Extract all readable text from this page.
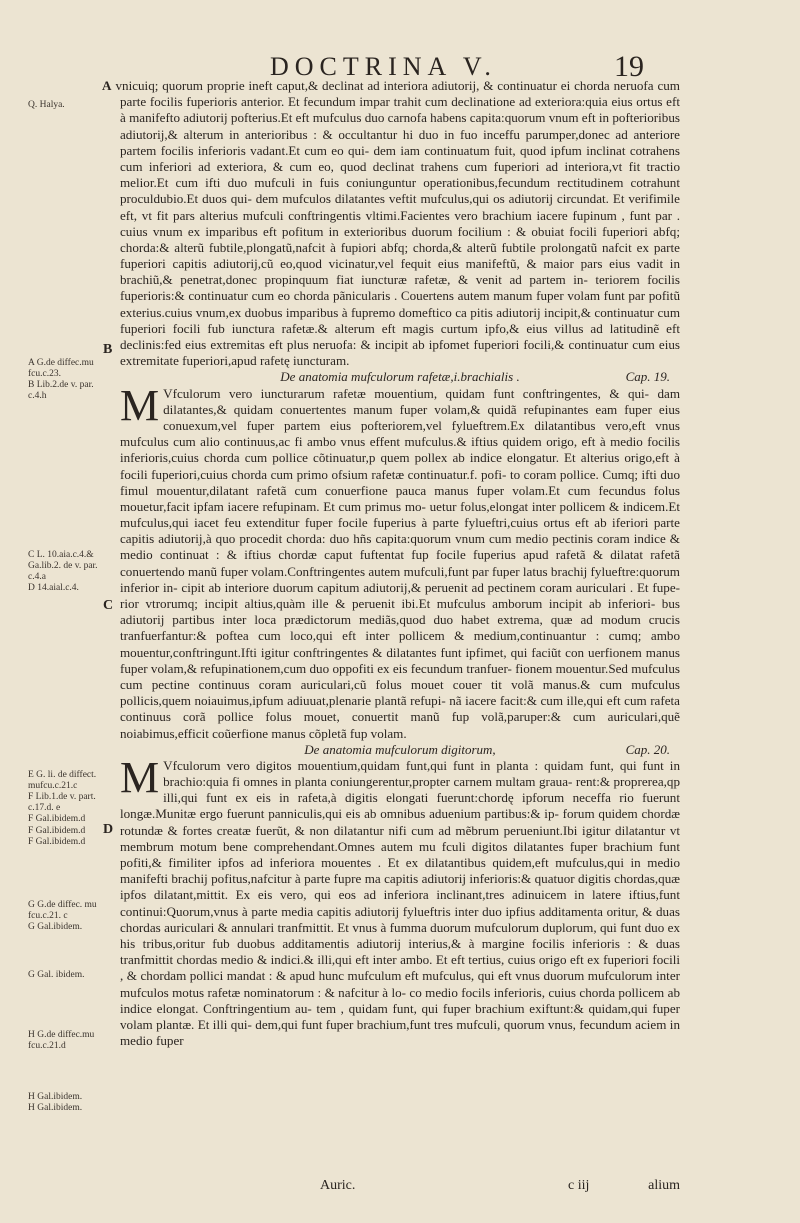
DOCTRINA V.	19
Q. Halya.
A G.de diffec.mu
fcu.c.23.
B Lib.2.de v. par.
c.4.h
C L. 10.aia.c.4.&
Ga.lib.2. de v. par.
c.4.a
D 14.aial.c.4.
E G. li. de diffect.
mufcu.c.21.c
F Lib.1.de v. part.
c.17.d. e
F Gal.ibidem.d
F Gal.ibidem.d
F Gal.ibidem.d
G G.de diffec. mu
fcu.c.21. c
G Gal.ibidem.
G Gal. ibidem.
H G.de diffec.mu
fcu.c.21.d
H Gal.ibidem.
H Gal.ibidem.
B
C
D

A vnicuiq; quorum proprie ineft caput,& declinat ad interiora adiutorij, & continuatur ei chorda neruofa cum parte focilis fuperioris anterior. Et fecundum impar trahit cum declinatione ad exteriora:quia eius ortus eft à manifefto adiutorij pofterius.Et eft mufculus duo carnofa habens capita:quorum vnum eft in pofterioribus adiutorij,& alterum in anterioribus : & occultantur hi duo in fuo inceffu parumper,donec ad anteriore partem focilis inferioris vadant.Et cum eo qui- dem iam continuatum fuit, quod ipfum inclinat cotrahens cum inferiori ad exteriora, & cum eo, quod declinat trahens cum fuperiori ad interiora,vt fit tractio melior.Et cum ifti duo mufculi in fuis coniunguntur operationibus,fecundum rectitudinem cotrahunt proculdubio.Et duos qui- dem mufculos dilatantes veftit mufculus,qui os adiutorij circundat. Et verifimile eft, vt fit pars alterius mufculi conftringentis vltimi.Facientes vero brachium iacere fupinum , funt par . cuius vnum ex imparibus eft pofitum in exterioribus duorum focilium : & obuiat focili fuperiori abfq; chorda:& alterũ fubtile,plongatũ,nafcit à fupiori abfq; chorda,& alterũ fubtile prolongatũ nafcit ex parte fuperiori capitis adiutorij,cũ eo,quod vicinatur,vel fequit eius manifeftũ, & maior pars eius vadit in brachiũ,& penetrat,donec propinquum fiat iuncturæ rafetæ, & venit ad partem in- teriorem focilis fuperioris:& continuatur cum eo chorda pãnicularis . Couertens autem manum fuper volam funt par pofitũ exterius.cuius vnum,ex duobus imparibus à fupremo domeftico ca pitis adiutorij incipit,& continuatur cum fuperiori focili fub iunctura rafetæ.& alterum eft magis curtum ipfo,& eius villus ad latitudinẽ eft declinis:fed eius extremitas eft plus neruofa: & incipit ab ipfomet fuperiori focili,& continuatur cum eius extremitate fuperiori,apud rafetę iuncturam.

De anatomia mufculorum rafetæ,i.brachialis .	Cap. 19.

M Vfculorum vero iuncturarum rafetæ mouentium, quidam funt conftringentes, & qui- dam dilatantes,& quidam conuertentes manum fuper volam,& quidã refupinantes eam fuper eius conuexum,vel fuper partem eius pofteriorem,vel fylueftrem.Ex dilatantibus vero,eft vnus mufculus cum alio continuus,ac fi ambo vnus effent mufculus.& iftius quidem origo, eft à medio focilis inferioris,cuius chorda cum pollice cõtinuatur,p quem pollex ab indice elongatur. Et alterius origo,eft à focili fuperiori,cuius chorda cum primo ofsium rafetæ continuatur.f. pofi- to coram pollice. Cumq; ifti duo fimul mouentur,dilatant rafetã cum conuerfione pauca manus fuper volam.Et cum fecundus folus mouetur,facit ipfam iacere refupinam. Et cum primus mo- uetur folus,elongat inter pollicem & indicem.Et mufculus,qui iacet feu extenditur fuper focile fuperius à parte fylueftri,cuius ortus eft ab iferiori parte capitis adiutorij,à quo procedit chorda: duo hñs capita:quorum vnum cum medio pectinis coram indice & medio continuat : & iftius chordæ caput fuftentat fup focile fuperius apud rafetã & dilatat rafetã conuertendo manũ fuper volam.Conftringentes autem mufculi,funt par fuper latus brachij fylueftre:quorum inferior in- cipit ab interiore duorum capitum adiutorij,& peruenit ad pectinem coram auriculari . Et fupe- rior vtrorumq; incipit altius,quàm ille & peruenit ibi.Et mufculus amborum incipit ab inferiori- bus adiutorij partibus inter loca prædictorum mediãs,quod duo habet extrema, quæ ad modum crucis tranfuerfantur:& poftea cum loco,qui eft inter pollicem & medium,continuantur : cumq; ambo mouentur,conftringunt.Ifti igitur conftringentes & dilatantes funt ipfimet, qui faciũt con uerfionem manus fuper volam,& refupinationem,cum duo oppofiti ex eis fecundum tranfuer- fionem mouentur.Sed mufculus cum pectine continuus coram auriculari,cũ folus mouet couer tit volã manus.& cum mufculus pollicis,quem noiauimus,ipfum adiuuat,plenarie plantã refupi- nã iacere facit:& cum ille,qui eft cum rafeta continuus corã pollice folus mouet, conuertit manũ fup volã,paruper:& cum auriculari,quẽ noiabimus,efficit coũerfione manus cõpletã fup volam.

De anatomia mufculorum digitorum,	Cap. 20.

M Vfculorum vero digitos mouentium,quidam funt,qui funt in planta : quidam funt, qui funt in brachio:quia fi omnes in planta coniungerentur,propter carnem multam graua- rent:& proprerea,qp illi,qui funt ex eis in rafeta,à digitis elongati fuerunt:chordę ipforum neceffa rio fuerunt longæ.Munitæ ergo fuerunt panniculis,qui eis ab omnibus aduenium partibus:& ip- forum quidem chordæ rotundæ & fortes creatæ fuerũt, & non dilatantur nifi cum ad mẽbrum perueniunt.Ibi igitur dilatantur vt membrum motum bene comprehendant.Omnes autem mu fculi digitos dilatantes fuper brachium funt pofiti,& fimiliter ipfos ad inferiora mouentes . Et ex dilatantibus quidem,eft mufculus,qui in medio manifefti brachij pofitus,nafcitur à parte fupre ma capitis adiutorij inferioris:& quatuor digitis chordas,quæ ipfos dilatant,mittit. Ex eis vero, qui eos ad inferiora inclinant,tres adinuicem in latere iftius,funt continui:Quorum,vnus à parte media capitis adiutorij fylueftris inter duo ipfius additamenta oritur, & duas chordas auriculari & annulari tranfmittit. Et vnus à fumma duorum mufculorum duplorum, qui funt duo ex his tribus,oritur fub duobus additamentis adiutorij interius,& à margine focilis inferioris : & duas tranfmittit chordas medio & indici.& illi,qui eft inter ambo. Et eft tertius, cuius origo eft ex fuperiori focili , & chordam pollici mandat : & apud hunc mufculum eft mufculus, qui eft vnus duorum mufculorum inter mufculos motus rafetæ nominatorum : & nafcitur à lo- co medio focils inferioris, cuius chorda pollicem ab indice elongat. Conftringentium au- tem , quidam funt, qui fuper brachium exiftunt:& quidam,qui fuper volam plantæ. Et illi qui- dem,qui funt fuper brachium,funt tres mufculi, quorum vnus, fecundum aciem in medio fuper

Auric.	c iij	alium
